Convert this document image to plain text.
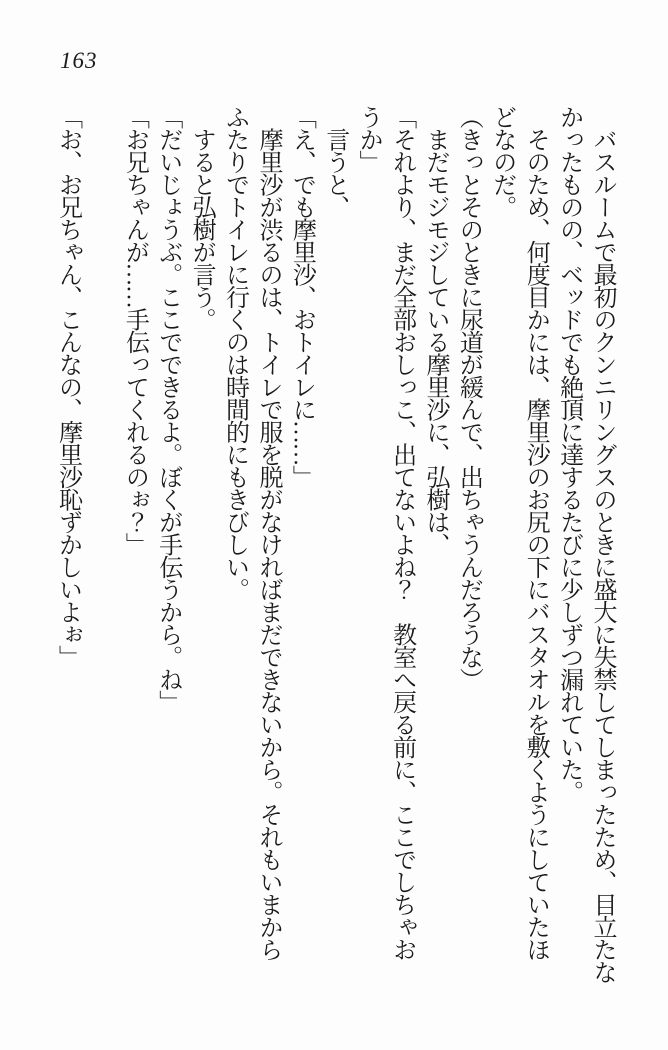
163

　バスルームで最初のクンニリングスのときに盛大に失禁してしまったため、目立たな
かったものの、ベッドでも絶頂に達するたびに少しずつ漏れていた。

　そのため、何度目かには、摩里沙のお尻の下にバスタオルを敷くようにしていたほ
どなのだ。

（きっとそのときに尿道が緩んで、出ちゃうんだろうな）

　まだモジモジしている摩里沙に、弘樹は、

「それより、まだ全部おしっこ、出てないよね？　教室へ戻る前に、ここでしちゃお
うか」

　言うと、

「え、でも摩里沙、おトイレに……」

　摩里沙が渋るのは、トイレで服を脱がなければまだできないから。それもいまから
ふたりでトイレに行くのは時間的にもきびしい。

　すると弘樹が言う。

「だいじょうぶ。ここでできるよ。ぼくが手伝うから。ね」

「お兄ちゃんが……手伝ってくれるのぉ？」

「お、お兄ちゃん、こんなの、摩里沙恥ずかしいよぉ」
